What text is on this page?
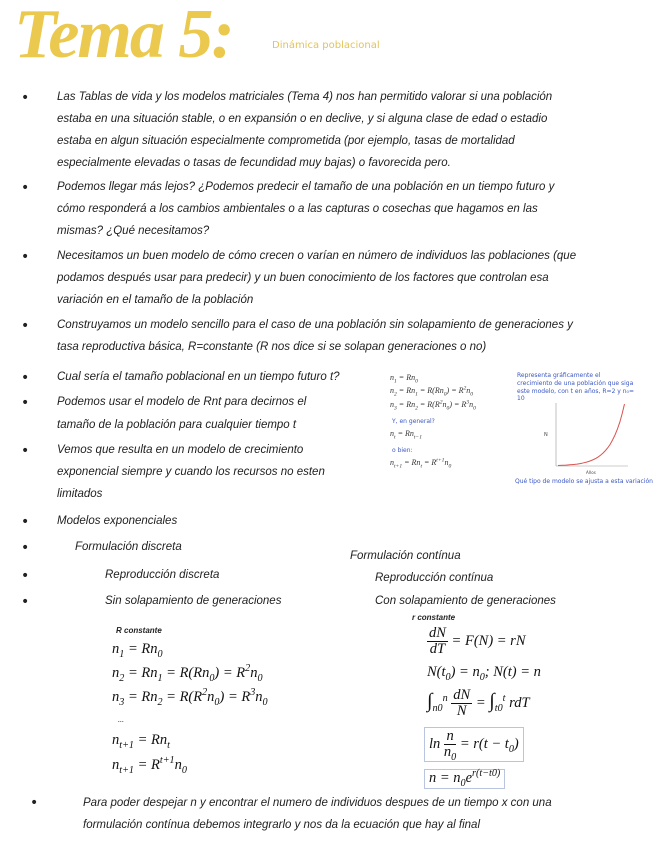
Tema 5:	Dinámica poblacional
• Las Tablas de vida y los modelos matriciales (Tema 4) nos han permitido valorar si una población
estaba en una situación stable, o en expansión o en declive, y si alguna clase de edad o estadio
estaba en algun situación especialmente comprometida (por ejemplo, tasas de mortalidad
especialmente elevadas o tasas de fecundidad muy bajas) o favorecida pero.
• Podemos llegar más lejos? ¿Podemos predecir el tamaño de una población en un tiempo futuro y
cómo responderá a los cambios ambientales o a las capturas o cosechas que hagamos en las
mismas? ¿Qué necesitamos?
• Necesitamos un buen modelo de cómo crecen o varían en número de individuos las poblaciones (que
podamos después usar para predecir) y un buen conocimiento de los factores que controlan esa
variación en el tamaño de la población
• Construyamos un modelo sencillo para el caso de una población sin solapamiento de generaciones y
tasa reproductiva básica, R=constante (R nos dice si se solapan generaciones o no)
• Cual sería el tamaño poblacional en un tiempo futuro t?
• Podemos usar el modelo de Rnt para decirnos el
tamaño de la población para cualquier tiempo t
• Vemos que resulta en un modelo de crecimiento
exponencial siempre y cuando los recursos no esten
limitados
• Modelos exponenciales
•	Formulación discreta
•	Reproducción discreta
•	Sin solapamiento de generaciones
Formulación contínua
Reproducción contínua
Con solapamiento de generaciones
r constante
R constante
$n_1 = Rn_0$
$n_2 = Rn_1 = R(Rn_0) = R^2n_0$
$n_3 = Rn_2 = R(R^2n_0) = R^3n_0$
...
$n_{t+1} = Rn_t$
$n_{t+1} = R^{t+1}n_0$
$\frac{dN}{dT} = F(N)$ = rN
$N(t_0) = n_0$; N(t) = n
$\int_{n0}^n \frac{dN}{N} = \int_{t0}^t$ rdT
$\ln \frac{n}{n_0} = r(t - t_0)$
$n = n_0e^{r(t-t0)}$
$n_1 = Rn_0$
$n_2 = Rn_1 = R(Rn_0) = R^2n_0$
$n_3 = Rn_2 = R(R^2n_0) = R^3n_0$
Y, en general?
$n_t = Rn_{t-1}$
o bien:
$n_{t+1} = Rn_t = R^{t+1}n_0$
Representa gráficamente el crecimiento de una población que siga este modelo, con t en años, R=2 y n₀= 10
N
Años
Qué tipo de modelo se ajusta a esta variación
•	Para poder despejar n y encontrar el numero de individuos despues de un tiempo x con una
formulación contínua debemos integrarlo y nos da la ecuación que hay al final
